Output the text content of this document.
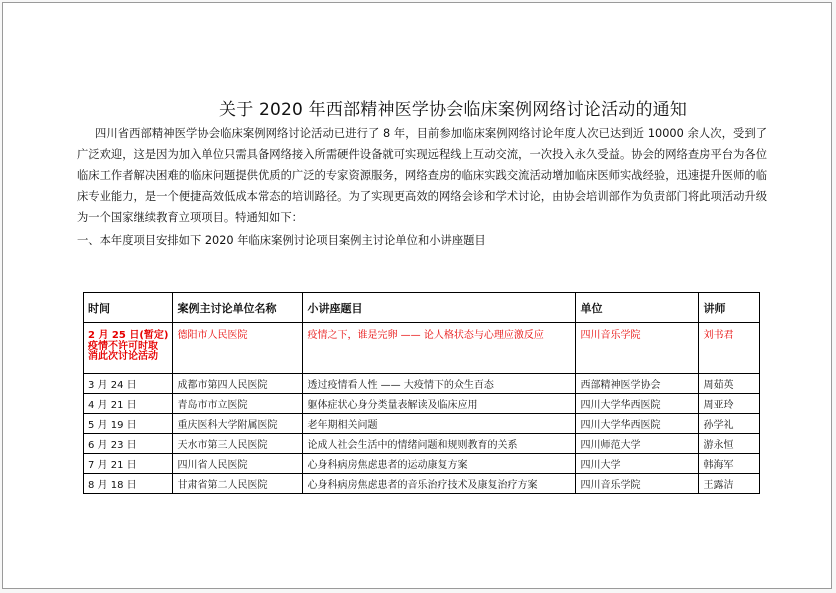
关于 2020 年西部精神医学协会临床案例网络讨论活动的通知
四川省西部精神医学协会临床案例网络讨论活动已进行了 8 年，目前参加临床案例网络讨论年度人次已达到近 10000 余人次，受到了广泛欢迎，这是因为加入单位只需具备网络接入所需硬件设备就可实现远程线上互动交流，一次投入永久受益。协会的网络查房平台为各位临床工作者解决困难的临床问题提供优质的广泛的专家资源服务，网络查房的临床实践交流活动增加临床医师实战经验，迅速提升医师的临床专业能力，是一个便捷高效低成本常态的培训路径。为了实现更高效的网络会诊和学术讨论，由协会培训部作为负责部门将此项活动升级为一个国家继续教育立项项目。特通知如下：
一、本年度项目安排如下 2020 年临床案例讨论项目案例主讨论单位和小讲座题目
时间	案例主讨论单位名称	小讲座题目	单位	讲师

2 月 25 日(暂定)
疫情不许可时取
消此次讨论活动	德阳市人民医院	疫情之下，谁是完卵 —— 论人格状态与心理应激反应	四川音乐学院	刘书君
3 月 24 日	成都市第四人民医院	透过疫情看人性 —— 大疫情下的众生百态	西部精神医学协会	周茹英
4 月 21 日	青岛市市立医院	躯体症状心身分类量表解读及临床应用	四川大学华西医院	周亚玲
5 月 19 日	重庆医科大学附属医院	老年期相关问题	四川大学华西医院	孙学礼
6 月 23 日	天水市第三人民医院	论成人社会生活中的情绪问题和规则教育的关系	四川师范大学	游永恒
7 月 21 日	四川省人民医院	心身科病房焦虑患者的运动康复方案	四川大学	韩海军
8 月 18 日	甘肃省第二人民医院	心身科病房焦虑患者的音乐治疗技术及康复治疗方案	四川音乐学院	王露洁
